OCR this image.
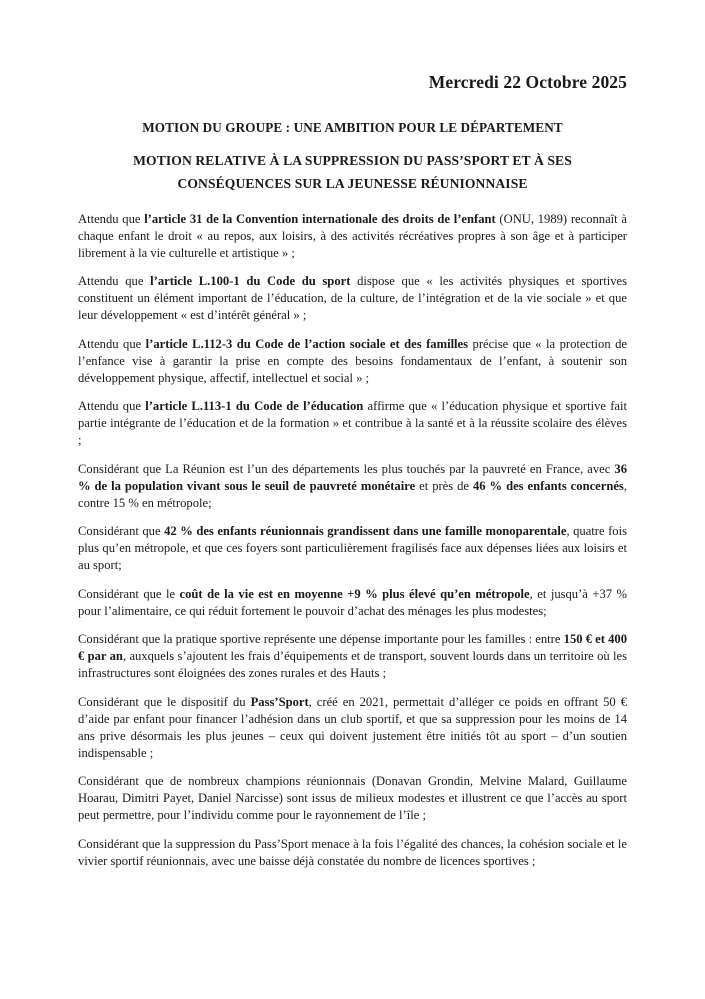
Mercredi 22 Octobre 2025
MOTION DU GROUPE : UNE AMBITION POUR LE DÉPARTEMENT
MOTION RELATIVE À LA SUPPRESSION DU PASS’SPORT ET À SES
CONSÉQUENCES SUR LA JEUNESSE RÉUNIONNAISE

Attendu que l’article 31 de la Convention internationale des droits de l’enfant (ONU, 1989) reconnaît à chaque enfant le droit « au repos, aux loisirs, à des activités récréatives propres à son âge et à participer librement à la vie culturelle et artistique » ;

Attendu que l’article L.100-1 du Code du sport dispose que « les activités physiques et sportives constituent un élément important de l’éducation, de la culture, de l’intégration et de la vie sociale » et que leur développement « est d’intérêt général » ;

Attendu que l’article L.112-3 du Code de l’action sociale et des familles précise que « la protection de l’enfance vise à garantir la prise en compte des besoins fondamentaux de l’enfant, à soutenir son développement physique, affectif, intellectuel et social » ;

Attendu que l’article L.113-1 du Code de l’éducation affirme que « l’éducation physique et sportive fait partie intégrante de l’éducation et de la formation » et contribue à la santé et à la réussite scolaire des élèves ;

Considérant que La Réunion est l’un des départements les plus touchés par la pauvreté en France, avec 36 % de la population vivant sous le seuil de pauvreté monétaire et près de 46 % des enfants concernés, contre 15 % en métropole;

Considérant que 42 % des enfants réunionnais grandissent dans une famille monoparentale, quatre fois plus qu’en métropole, et que ces foyers sont particulièrement fragilisés face aux dépenses liées aux loisirs et au sport;

Considérant que le coût de la vie est en moyenne +9 % plus élevé qu’en métropole, et jusqu’à +37 % pour l’alimentaire, ce qui réduit fortement le pouvoir d’achat des ménages les plus modestes;

Considérant que la pratique sportive représente une dépense importante pour les familles : entre 150 € et 400 € par an, auxquels s’ajoutent les frais d’équipements et de transport, souvent lourds dans un territoire où les infrastructures sont éloignées des zones rurales et des Hauts ;

Considérant que le dispositif du Pass’Sport, créé en 2021, permettait d’alléger ce poids en offrant 50 € d’aide par enfant pour financer l’adhésion dans un club sportif, et que sa suppression pour les moins de 14 ans prive désormais les plus jeunes – ceux qui doivent justement être initiés tôt au sport – d’un soutien indispensable ;

Considérant que de nombreux champions réunionnais (Donavan Grondin, Melvine Malard, Guillaume Hoarau, Dimitri Payet, Daniel Narcisse) sont issus de milieux modestes et illustrent ce que l’accès au sport peut permettre, pour l’individu comme pour le rayonnement de l’île ;

Considérant que la suppression du Pass’Sport menace à la fois l’égalité des chances, la cohésion sociale et le vivier sportif réunionnais, avec une baisse déjà constatée du nombre de licences sportives ;
